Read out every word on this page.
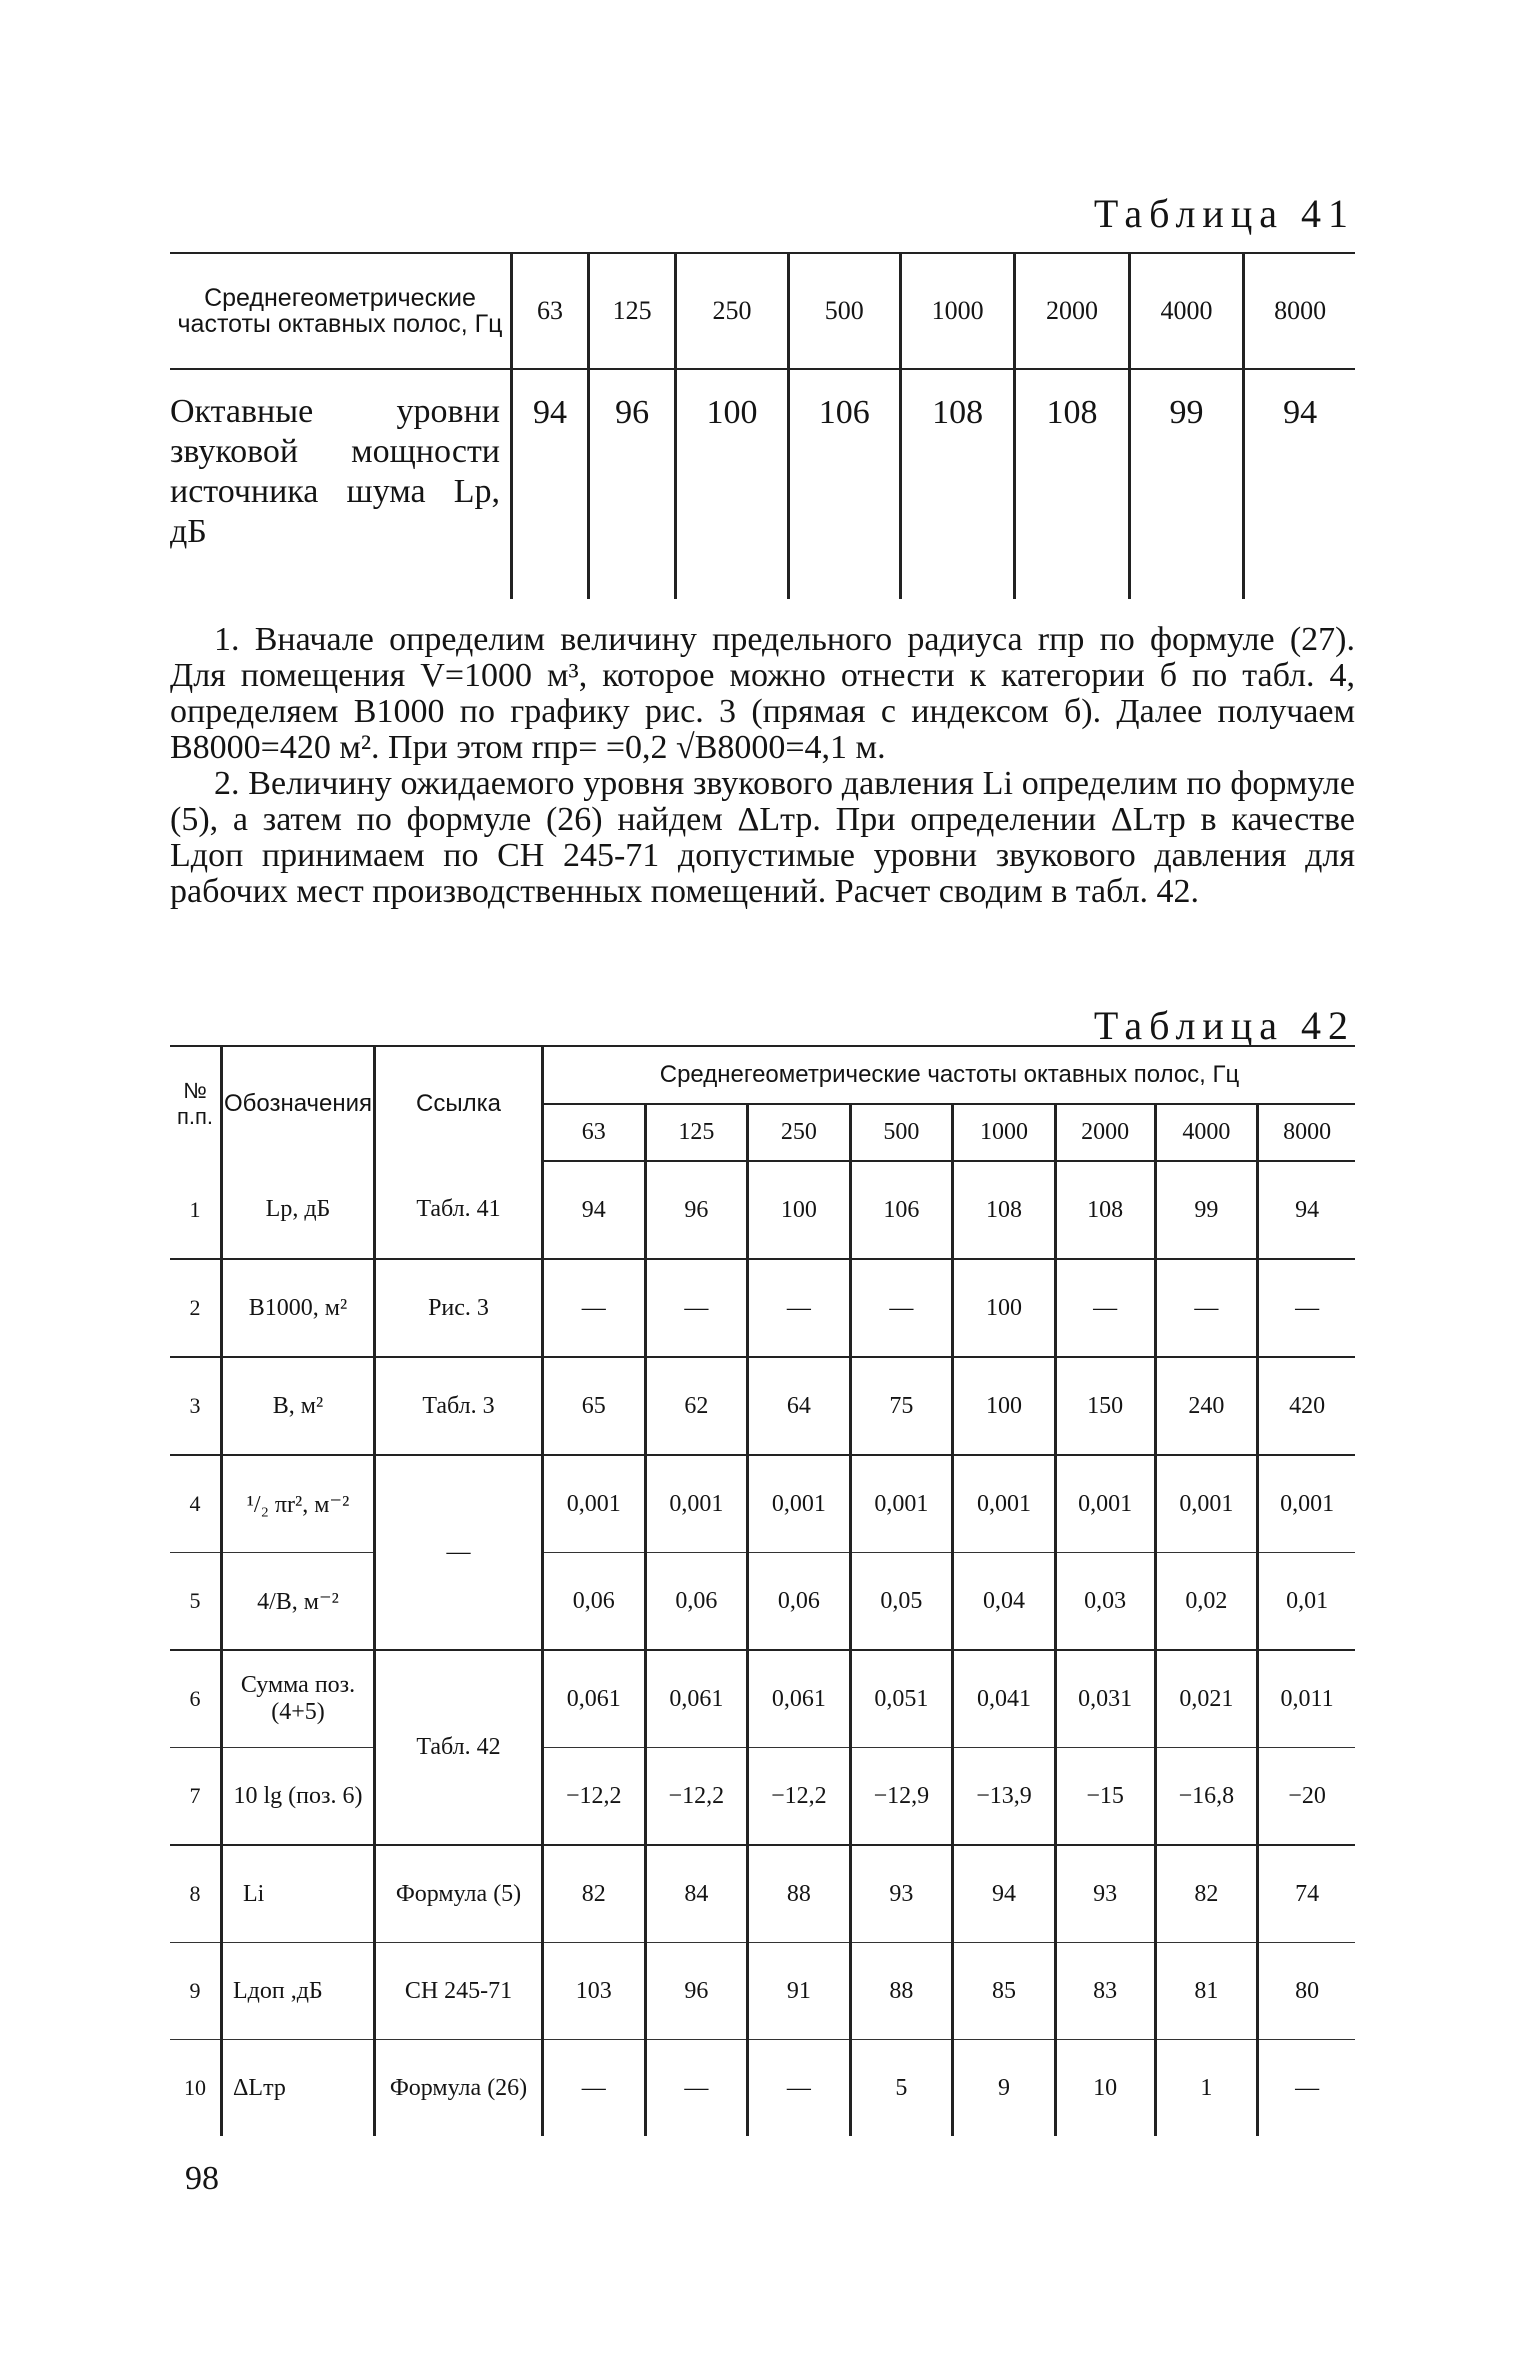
Таблица 41
Среднегеометрические частоты октавных полос, Гц	63	125	250	500	1000	2000	4000	8000
Октавные уровни звуковой мощности источника шума Lр, дБ	94	96	100	106	108	108	99	94

1. Вначале определим величину предельного радиуса rпр по формуле (27). Для помещения V=1000 м³, которое можно отнести к категории б по табл. 4, определяем B1000 по графику рис. 3 (прямая с индексом б). Далее получаем B8000=420 м². При этом rпр= =0,2 √B8000=4,1 м.

2. Величину ожидаемого уровня звукового давления Li определим по формуле (5), а затем по формуле (26) найдем ΔLтр. При определении ΔLтр в качестве Lдоп принимаем по СН 245-71 допустимые уровни звукового давления для рабочих мест производственных помещений. Расчет сводим в табл. 42.

Таблица 42
№ п.п.	Обозначения	Ссылка	Среднегеометрические частоты октавных полос, Гц							
			63	125	250	500	1000	2000	4000	8000
1	Lр, дБ	Табл. 41	94	96	100	106	108	108	99	94
2	B1000, м²	Рис. 3	—	—	—	—	100	—	—	—
3	B, м²	Табл. 3	65	62	64	75	100	150	240	420
4	¹/₂ πr², м⁻²	—	0,001	0,001	0,001	0,001	0,001	0,001	0,001	0,001
5	4/B, м⁻²		0,06	0,06	0,06	0,05	0,04	0,03	0,02	0,01
6	Сумма поз. (4+5)	Табл. 42	0,061	0,061	0,061	0,051	0,041	0,031	0,021	0,011
7	10 lg (поз. 6)		−12,2	−12,2	−12,2	−12,9	−13,9	−15	−16,8	−20
8	Li	Формула (5)	82	84	88	93	94	93	82	74
9	Lдоп ,дБ	СН 245-71	103	96	91	88	85	83	81	80
10	ΔLтр	Формула (26)	—	—	—	5	9	10	1	—
98
